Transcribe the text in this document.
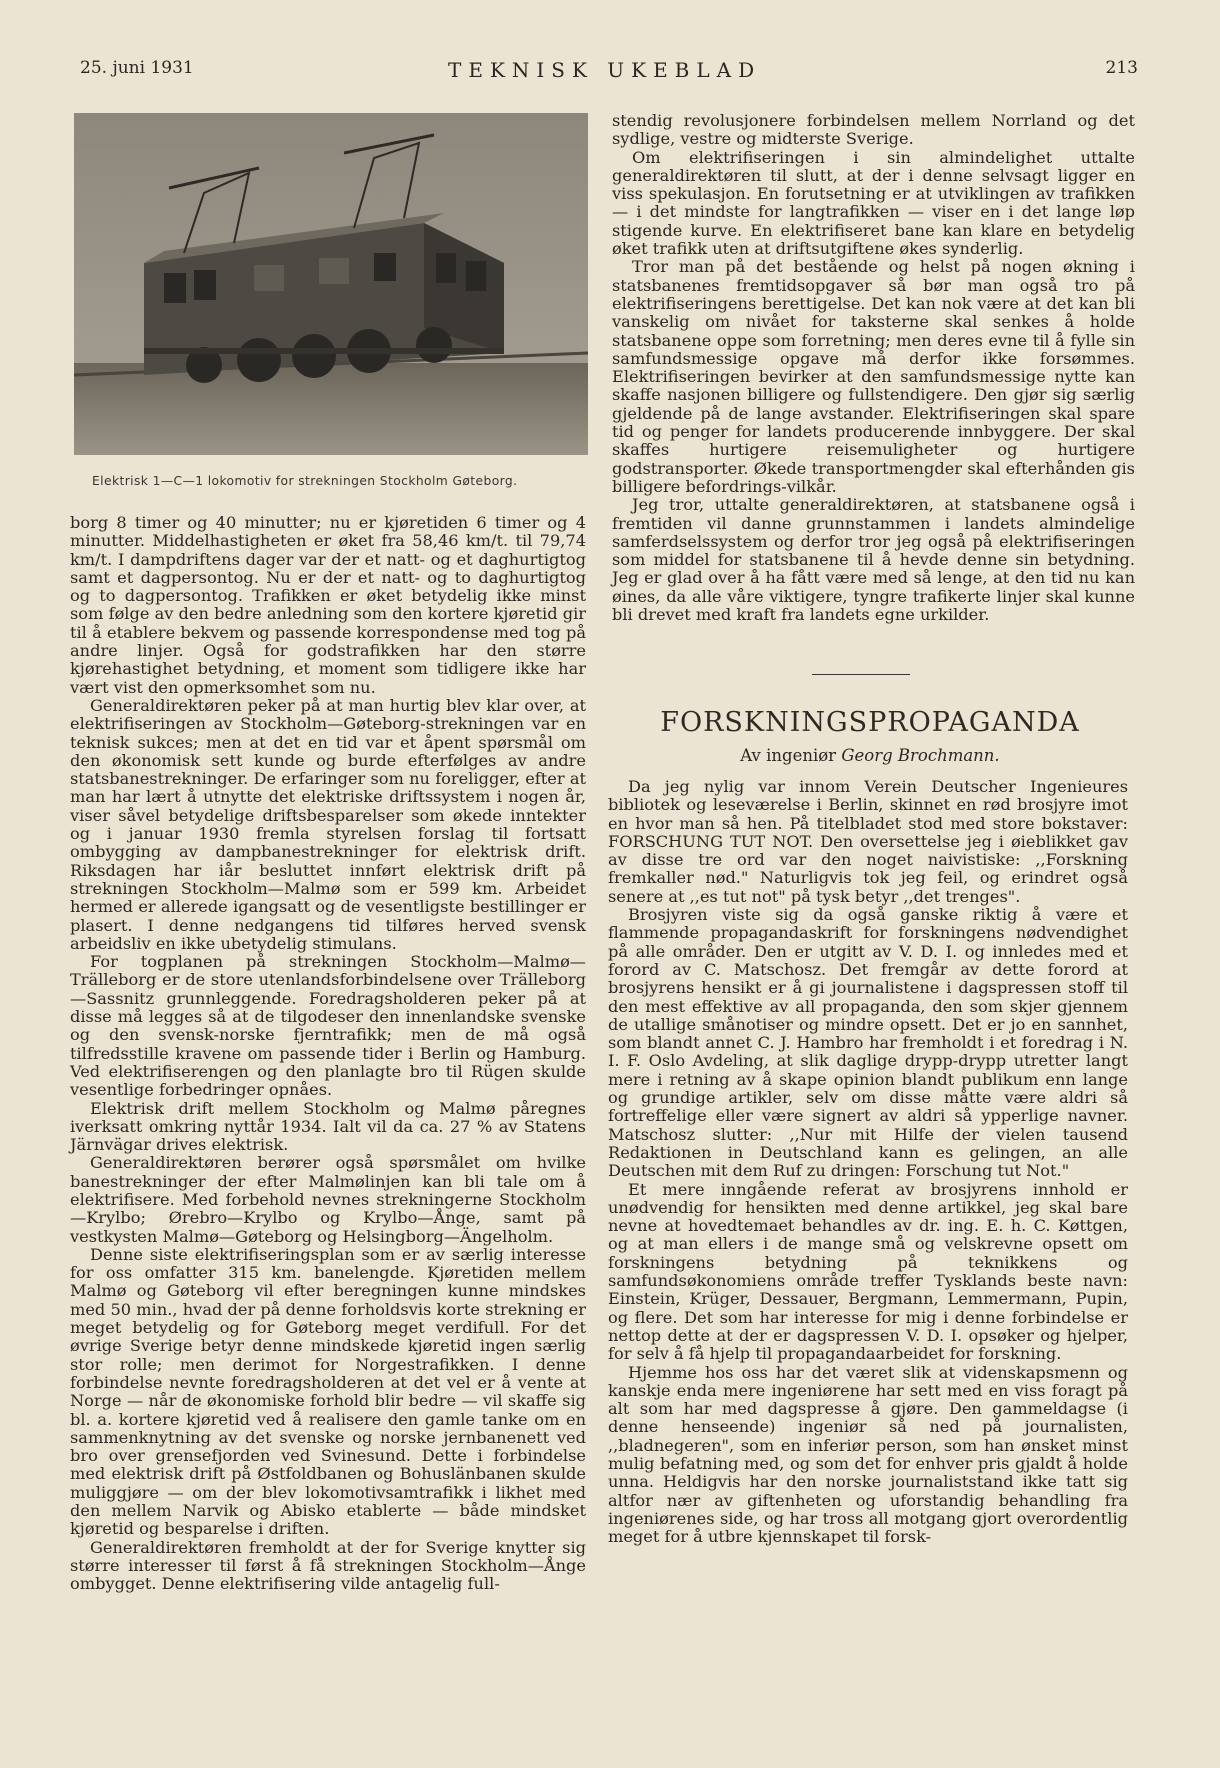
25. juni 1931	TEKNISK UKEBLAD	213
Elektrisk 1—C—1 lokomotiv for strekningen Stockholm Gøteborg.

borg 8 timer og 40 minutter; nu er kjøretiden 6 timer og 4 minutter. Middelhastigheten er øket fra 58,46 km/t. til 79,74 km/t. I dampdriftens dager var der et natt- og et daghurtigtog samt et dagpersontog. Nu er der et natt- og to daghurtigtog og to dagpersontog. Trafikken er øket betydelig ikke minst som følge av den bedre anledning som den kortere kjøretid gir til å etablere bekvem og passende korrespondense med tog på andre linjer. Også for godstrafikken har den større kjørehastighet betydning, et moment som tidligere ikke har vært vist den opmerksomhet som nu.

Generaldirektøren peker på at man hurtig blev klar over, at elektrifiseringen av Stockholm—Gøteborg-strekningen var en teknisk sukces; men at det en tid var et åpent spørsmål om den økonomisk sett kunde og burde efterfølges av andre statsbanestrekninger. De erfaringer som nu foreligger, efter at man har lært å utnytte det elektriske driftssystem i nogen år, viser såvel betydelige driftsbesparelser som økede inntekter og i januar 1930 fremla styrelsen forslag til fortsatt ombygging av dampbanestrekninger for elektrisk drift. Riksdagen har iår besluttet innført elektrisk drift på strekningen Stockholm—Malmø som er 599 km. Arbeidet hermed er allerede igangsatt og de vesentligste bestillinger er plasert. I denne nedgangens tid tilføres herved svensk arbeidsliv en ikke ubetydelig stimulans.

For togplanen på strekningen Stockholm—Malmø—Trälleborg er de store utenlandsforbindelsene over Trälleborg —Sassnitz grunnleggende. Foredragsholderen peker på at disse må legges så at de tilgodeser den innenlandske svenske og den svensk-norske fjerntrafikk; men de må også tilfredsstille kravene om passende tider i Berlin og Hamburg. Ved elektrifiserengen og den planlagte bro til Rügen skulde vesentlige forbedringer opnåes.

Elektrisk drift mellem Stockholm og Malmø påregnes iverksatt omkring nyttår 1934. Ialt vil da ca. 27 % av Statens Järnvägar drives elektrisk.

Generaldirektøren berører også spørsmålet om hvilke banestrekninger der efter Malmølinjen kan bli tale om å elektrifisere. Med forbehold nevnes strekningerne Stockholm—Krylbo; Ørebro—Krylbo og Krylbo—Ånge, samt på vestkysten Malmø—Gøteborg og Helsingborg—Ängelholm.

Denne siste elektrifiseringsplan som er av særlig interesse for oss omfatter 315 km. banelengde. Kjøretiden mellem Malmø og Gøteborg vil efter beregningen kunne mindskes med 50 min., hvad der på denne forholdsvis korte strekning er meget betydelig og for Gøteborg meget verdifull. For det øvrige Sverige betyr denne mindskede kjøretid ingen særlig stor rolle; men derimot for Norgestrafikken. I denne forbindelse nevnte foredragsholderen at det vel er å vente at Norge — når de økonomiske forhold blir bedre — vil skaffe sig bl. a. kortere kjøretid ved å realisere den gamle tanke om en sammenknytning av det svenske og norske jernbanenett ved bro over grensefjorden ved Svinesund. Dette i forbindelse med elektrisk drift på Østfoldbanen og Bohuslänbanen skulde muliggjøre — om der blev lokomotivsamtrafikk i likhet med den mellem Narvik og Abisko etablerte — både mindsket kjøretid og besparelse i driften.

Generaldirektøren fremholdt at der for Sverige knytter sig større interesser til først å få strekningen Stockholm—Ånge ombygget. Denne elektrifisering vilde antagelig full-

stendig revolusjonere forbindelsen mellem Norrland og det sydlige, vestre og midterste Sverige.

Om elektrifiseringen i sin almindelighet uttalte generaldirektøren til slutt, at der i denne selvsagt ligger en viss spekulasjon. En forutsetning er at utviklingen av trafikken — i det mindste for langtrafikken — viser en i det lange løp stigende kurve. En elektrifiseret bane kan klare en betydelig øket trafikk uten at driftsutgiftene økes synderlig.

Tror man på det bestående og helst på nogen økning i statsbanenes fremtidsopgaver så bør man også tro på elektrifiseringens berettigelse. Det kan nok være at det kan bli vanskelig om nivået for taksterne skal senkes å holde statsbanene oppe som forretning; men deres evne til å fylle sin samfundsmessige opgave må derfor ikke forsømmes. Elektrifiseringen bevirker at den samfundsmessige nytte kan skaffe nasjonen billigere og fullstendigere. Den gjør sig særlig gjeldende på de lange avstander. Elektrifiseringen skal spare tid og penger for landets producerende innbyggere. Der skal skaffes hurtigere reisemuligheter og hurtigere godstransporter. Økede transportmengder skal efterhånden gis billigere befordrings-vilkår.

Jeg tror, uttalte generaldirektøren, at statsbanene også i fremtiden vil danne grunnstammen i landets almindelige samferdselssystem og derfor tror jeg også på elektrifiseringen som middel for statsbanene til å hevde denne sin betydning. Jeg er glad over å ha fått være med så lenge, at den tid nu kan øines, da alle våre viktigere, tyngre trafikerte linjer skal kunne bli drevet med kraft fra landets egne urkilder.

FORSKNINGSPROPAGANDA
Av ingeniør Georg Brochmann.

Da jeg nylig var innom Verein Deutscher Ingenieures bibliotek og leseværelse i Berlin, skinnet en rød brosjyre imot en hvor man så hen. På titelbladet stod med store bokstaver: FORSCHUNG TUT NOT. Den oversettelse jeg i øieblikket gav av disse tre ord var den noget naivistiske: ,,Forskning fremkaller nød." Naturligvis tok jeg feil, og erindret også senere at ,,es tut not" på tysk betyr ,,det trenges".

Brosjyren viste sig da også ganske riktig å være et flammende propagandaskrift for forskningens nødvendighet på alle områder. Den er utgitt av V. D. I. og innledes med et forord av C. Matschosz. Det fremgår av dette forord at brosjyrens hensikt er å gi journalistene i dagspressen stoff til den mest effektive av all propaganda, den som skjer gjennem de utallige smånotiser og mindre opsett. Det er jo en sannhet, som blandt annet C. J. Hambro har fremholdt i et foredrag i N. I. F. Oslo Avdeling, at slik daglige drypp-drypp utretter langt mere i retning av å skape opinion blandt publikum enn lange og grundige artikler, selv om disse måtte være aldri så fortreffelige eller være signert av aldri så ypperlige navner. Matschosz slutter: ,,Nur mit Hilfe der vielen tausend Redaktionen in Deutschland kann es gelingen, an alle Deutschen mit dem Ruf zu dringen: Forschung tut Not."

Et mere inngående referat av brosjyrens innhold er unødvendig for hensikten med denne artikkel, jeg skal bare nevne at hovedtemaet behandles av dr. ing. E. h. C. Køttgen, og at man ellers i de mange små og velskrevne opsett om forskningens betydning på teknikkens og samfundsøkonomiens område treffer Tysklands beste navn: Einstein, Krüger, Dessauer, Bergmann, Lemmermann, Pupin, og flere. Det som har interesse for mig i denne forbindelse er nettop dette at der er dagspressen V. D. I. opsøker og hjelper, for selv å få hjelp til propagandaarbeidet for forskning.

Hjemme hos oss har det været slik at videnskapsmenn og kanskje enda mere ingeniørene har sett med en viss foragt på alt som har med dagspresse å gjøre. Den gammeldagse (i denne henseende) ingeniør så ned på journalisten, ,,bladnegeren", som en inferiør person, som han ønsket minst mulig befatning med, og som det for enhver pris gjaldt å holde unna. Heldigvis har den norske journaliststand ikke tatt sig altfor nær av giftenheten og uforstandig behandling fra ingeniørenes side, og har tross all motgang gjort overordentlig meget for å utbre kjennskapet til forsk-
